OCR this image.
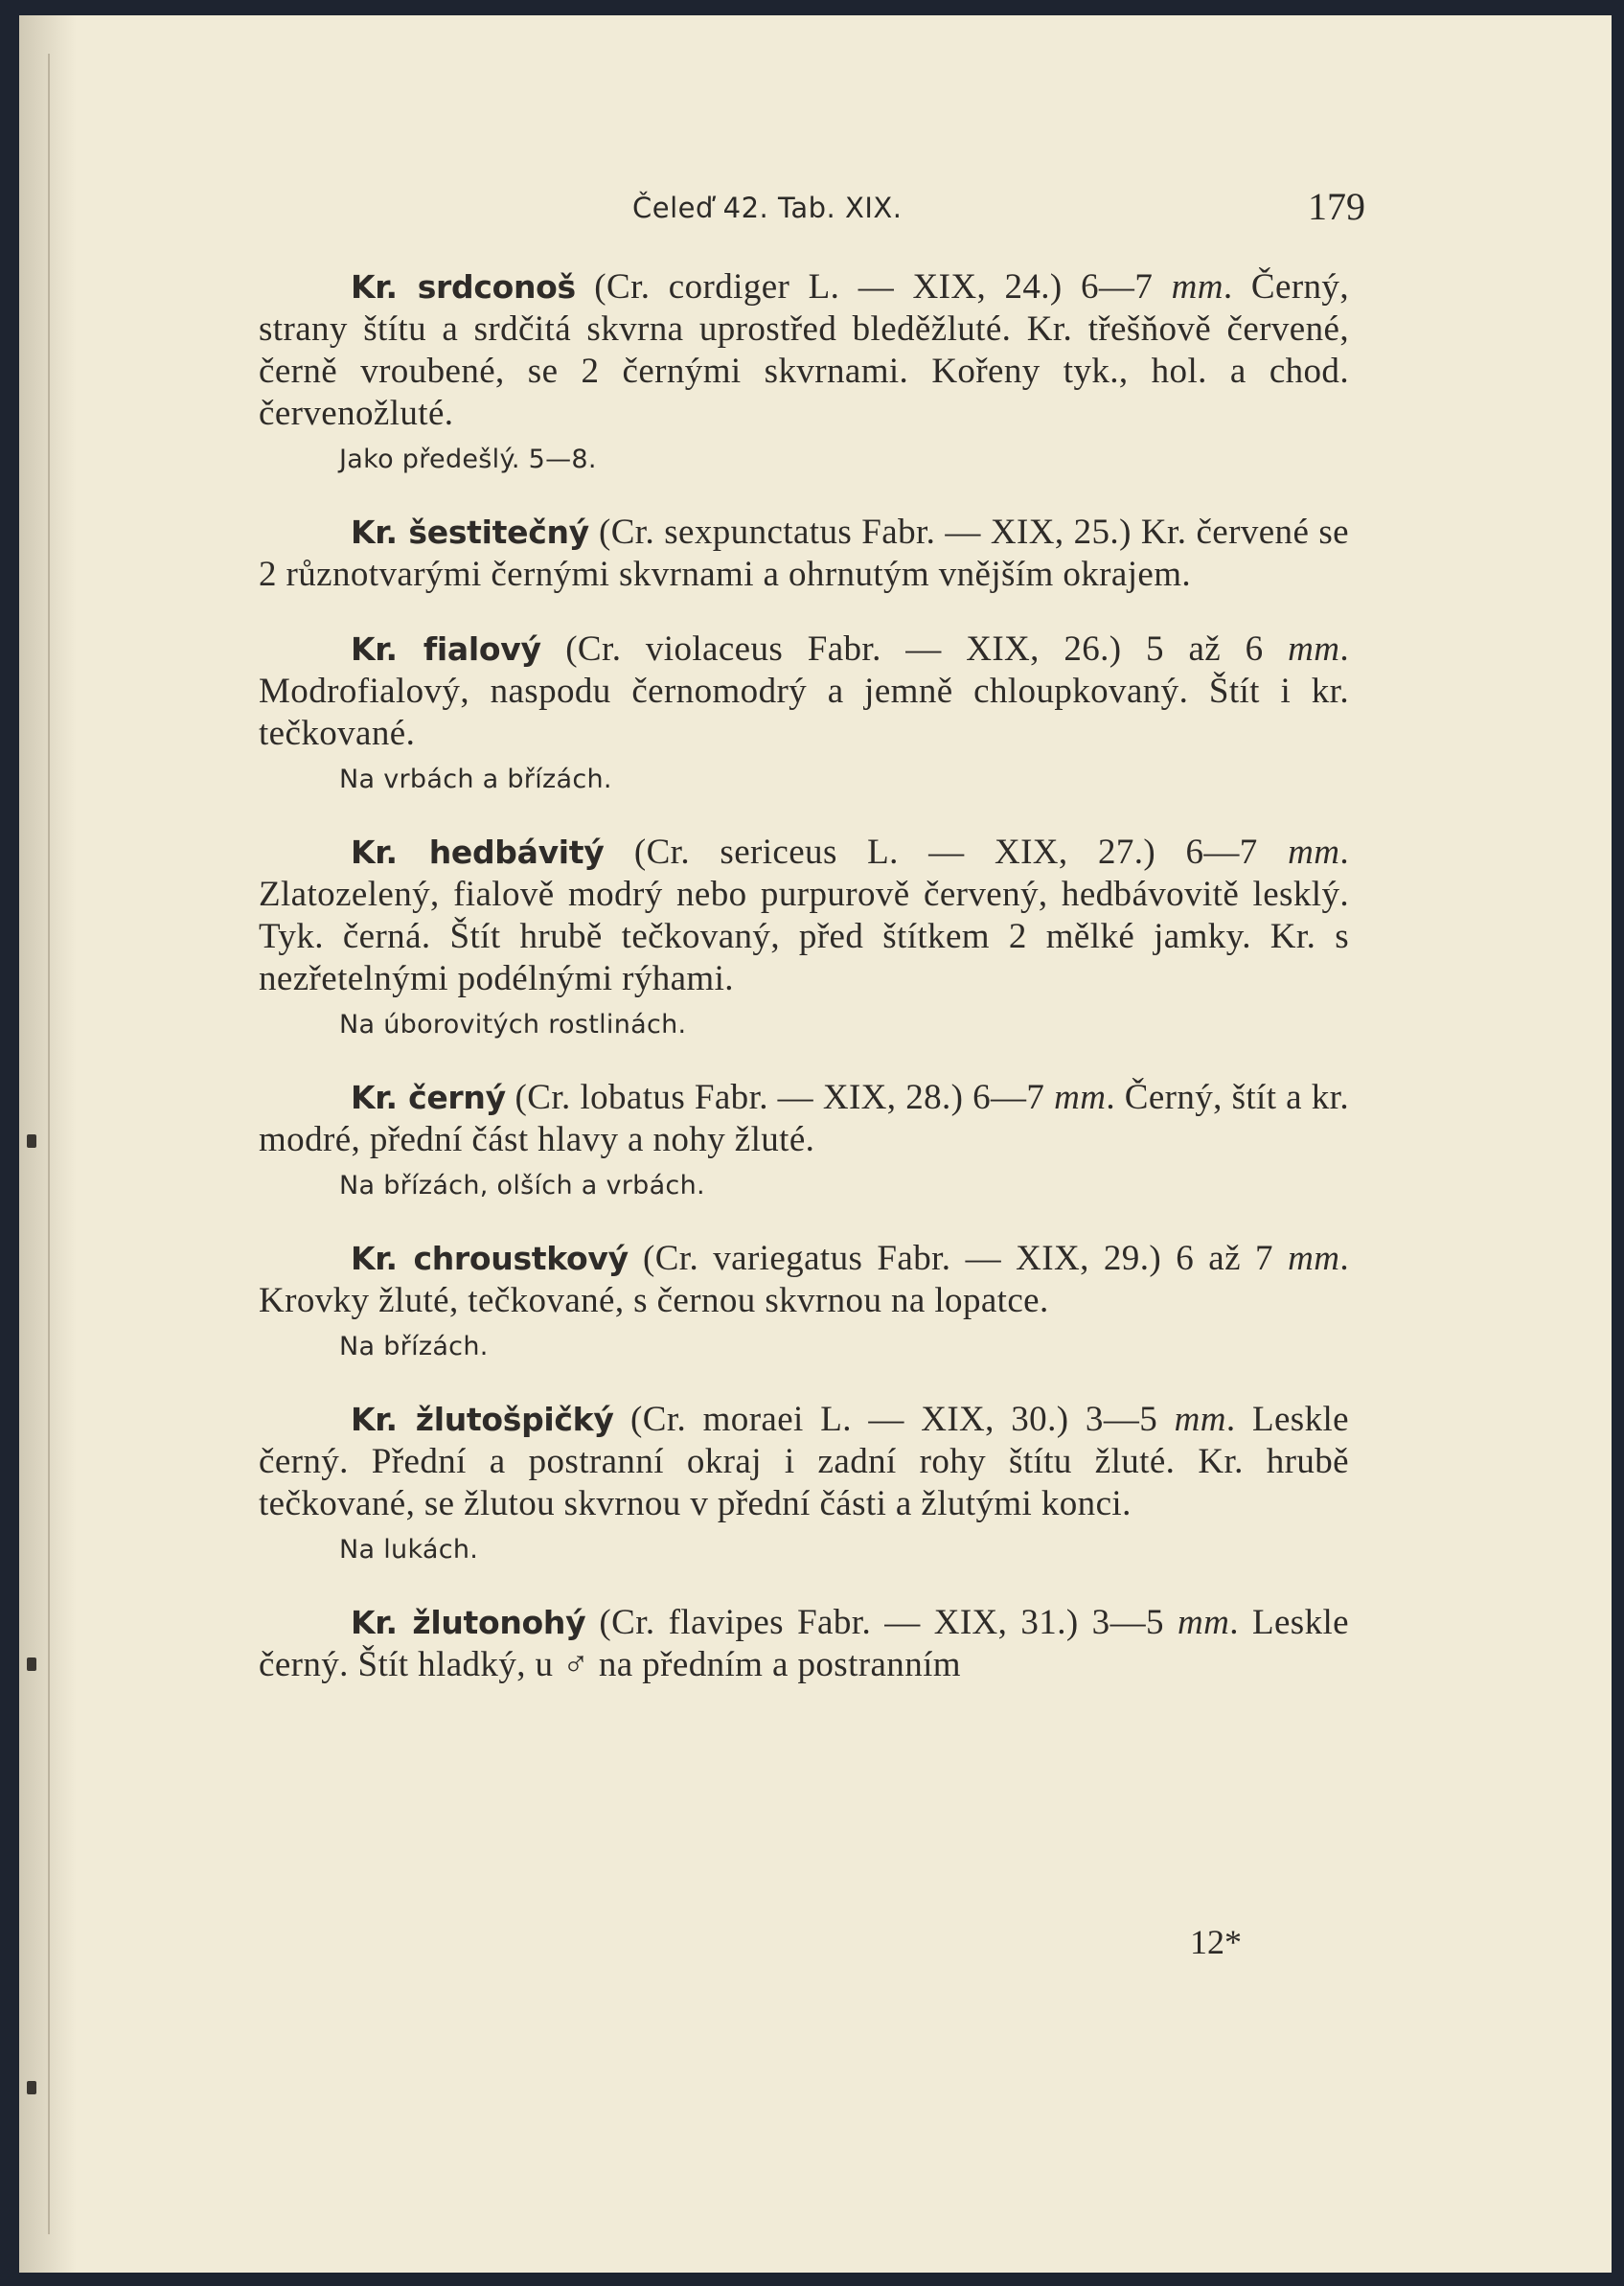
Čeleď 42. Tab. XIX.	179

Kr. srdconoš (Cr. cordiger L. — XIX, 24.) 6—7 mm. Černý, strany štítu a srdčitá skvrna uprostřed bleděžluté. Kr. třešňově červené, černě vroubené, se 2 černými skvrnami. Kořeny tyk., hol. a chod. červenožluté.

Jako předešlý. 5—8.

Kr. šestitečný (Cr. sexpunctatus Fabr. — XIX, 25.) Kr. červené se 2 různotvarými černými skvrnami a ohrnutým vnějším okrajem.

Kr. fialový (Cr. violaceus Fabr. — XIX, 26.) 5 až 6 mm. Modrofialový, naspodu černomodrý a jemně chloupkovaný. Štít i kr. tečkované.

Na vrbách a břízách.

Kr. hedbávitý (Cr. sericeus L. — XIX, 27.) 6—7 mm. Zlatozelený, fialově modrý nebo purpurově červený, hedbávovitě lesklý. Tyk. černá. Štít hrubě tečkovaný, před štítkem 2 mělké jamky. Kr. s nezřetelnými podélnými rýhami.

Na úborovitých rostlinách.

Kr. černý (Cr. lobatus Fabr. — XIX, 28.) 6—7 mm. Černý, štít a kr. modré, přední část hlavy a nohy žluté.

Na břízách, olších a vrbách.

Kr. chroustkový (Cr. variegatus Fabr. — XIX, 29.) 6 až 7 mm. Krovky žluté, tečkované, s černou skvrnou na lopatce.

Na břízách.

Kr. žlutošpičký (Cr. moraei L. — XIX, 30.) 3—5 mm. Leskle černý. Přední a postranní okraj i zadní rohy štítu žluté. Kr. hrubě tečkované, se žlutou skvrnou v přední části a žlutými konci.

Na lukách.

Kr. žlutonohý (Cr. flavipes Fabr. — XIX, 31.) 3—5 mm. Leskle černý. Štít hladký, u ♂ na předním a postranním

12*
